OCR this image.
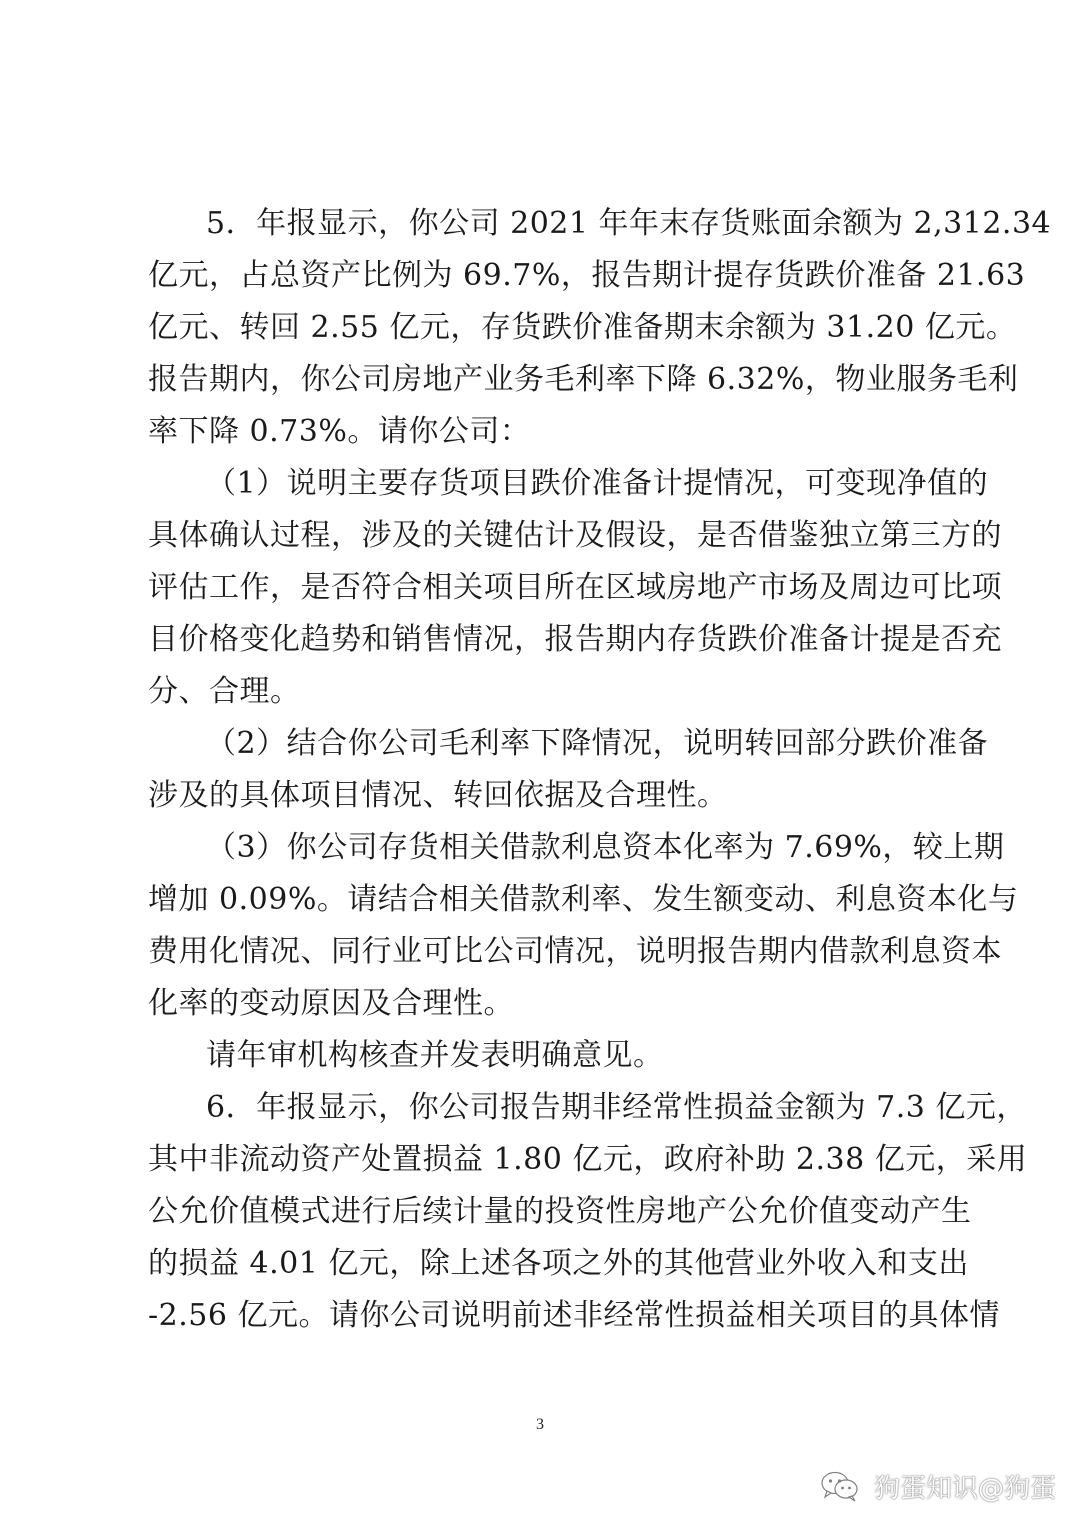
5．年报显示，你公司 2021 年年末存货账面余额为 2,312.34
亿元，占总资产比例为 69.7%，报告期计提存货跌价准备 21.63
亿元、转回 2.55 亿元，存货跌价准备期末余额为 31.20 亿元。
报告期内，你公司房地产业务毛利率下降 6.32%，物业服务毛利
率下降 0.73%。请你公司：
（1）说明主要存货项目跌价准备计提情况，可变现净值的
具体确认过程，涉及的关键估计及假设，是否借鉴独立第三方的
评估工作，是否符合相关项目所在区域房地产市场及周边可比项
目价格变化趋势和销售情况，报告期内存货跌价准备计提是否充
分、合理。
（2）结合你公司毛利率下降情况，说明转回部分跌价准备
涉及的具体项目情况、转回依据及合理性。
（3）你公司存货相关借款利息资本化率为 7.69%，较上期
增加 0.09%。请结合相关借款利率、发生额变动、利息资本化与
费用化情况、同行业可比公司情况，说明报告期内借款利息资本
化率的变动原因及合理性。
请年审机构核查并发表明确意见。
6．年报显示，你公司报告期非经常性损益金额为 7.3 亿元，
其中非流动资产处置损益 1.80 亿元，政府补助 2.38 亿元，采用
公允价值模式进行后续计量的投资性房地产公允价值变动产生
的损益 4.01 亿元，除上述各项之外的其他营业外收入和支出
-2.56 亿元。请你公司说明前述非经常性损益相关项目的具体情
3
狗蛋知识@狗蛋
